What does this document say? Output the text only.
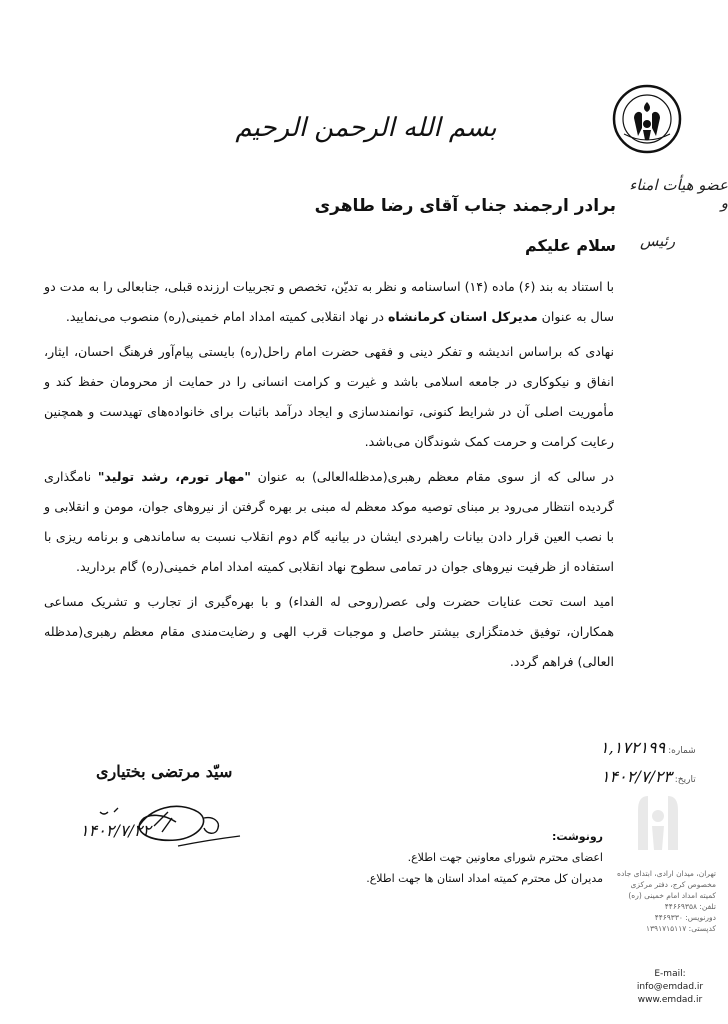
بسم الله الرحمن الرحیم
عضو هیأت امناء و
رئیس
برادر ارجمند جناب آقای رضا طاهری
سلام علیکم

با استناد به بند (۶) ماده (۱۴) اساسنامه و نظر به تدیّن، تخصص و تجربیات ارزنده قبلی، جنابعالی را به مدت دو سال به عنوان مدیرکل استان کرمانشاه در نهاد انقلابی کمیته امداد امام خمینی(ره) منصوب می‌نمایید.

نهادی که براساس اندیشه و تفکر دینی و فقهی حضرت امام راحل(ره) بایستی پیام‌آور فرهنگ احسان، ایثار، انفاق و نیکوکاری در جامعه اسلامی باشد و غیرت و کرامت انسانی را در حمایت از محرومان حفظ کند و مأموریت اصلی آن در شرایط کنونی، توانمندسازی و ایجاد درآمد باثبات برای خانواده‌های تهیدست و همچنین رعایت کرامت و حرمت کمک شوندگان می‌باشد.

در سالی که از سوی مقام معظم رهبری(مدظله‌العالی) به عنوان "مهار تورم، رشد تولید" نامگذاری گردیده انتظار می‌رود بر مبنای توصیه موکد معظم له مبنی بر بهره گرفتن از نیروهای جوان، مومن و انقلابی و با نصب العین قرار دادن بیانات راهبردی ایشان در بیانیه گام دوم انقلاب نسبت به ساماندهی و برنامه ریزی با استفاده از ظرفیت نیروهای جوان در تمامی سطوح نهاد انقلابی کمیته امداد امام خمینی(ره) گام بردارید.

امید است تحت عنایات حضرت ولی عصر(روحی له الفداء) و با بهره‌گیری از تجارب و تشریک مساعی همکاران، توفیق خدمتگزاری بیشتر حاصل و موجبات قرب الهی و رضایت‌مندی مقام معظم رهبری(مدظله العالی) فراهم گردد.

سیّد مرتضی بختیاری
۱۴۰۲/۷/۲۲	رونوشت:
اعضای محترم شورای معاونین جهت اطلاع.
مدیران کل محترم کمیته امداد استان ها جهت اطلاع.
شماره: ۱,۱۷۲۱۹۹
تاریخ: ۱۴۰۲/۷/۲۳
تهران، میدان ارادی، ابتدای جاده
مخصوص کرج، دفتر مرکزی
کمیته امداد امام خمینی (ره)
تلفن: ۴۴۶۶۹۳۵۸
دورنویس: ۴۴۶۹۳۳۰
کدپستی: ۱۳۹۱۷۱۵۱۱۷
E-mail: info@emdad.ir
www.emdad.ir
